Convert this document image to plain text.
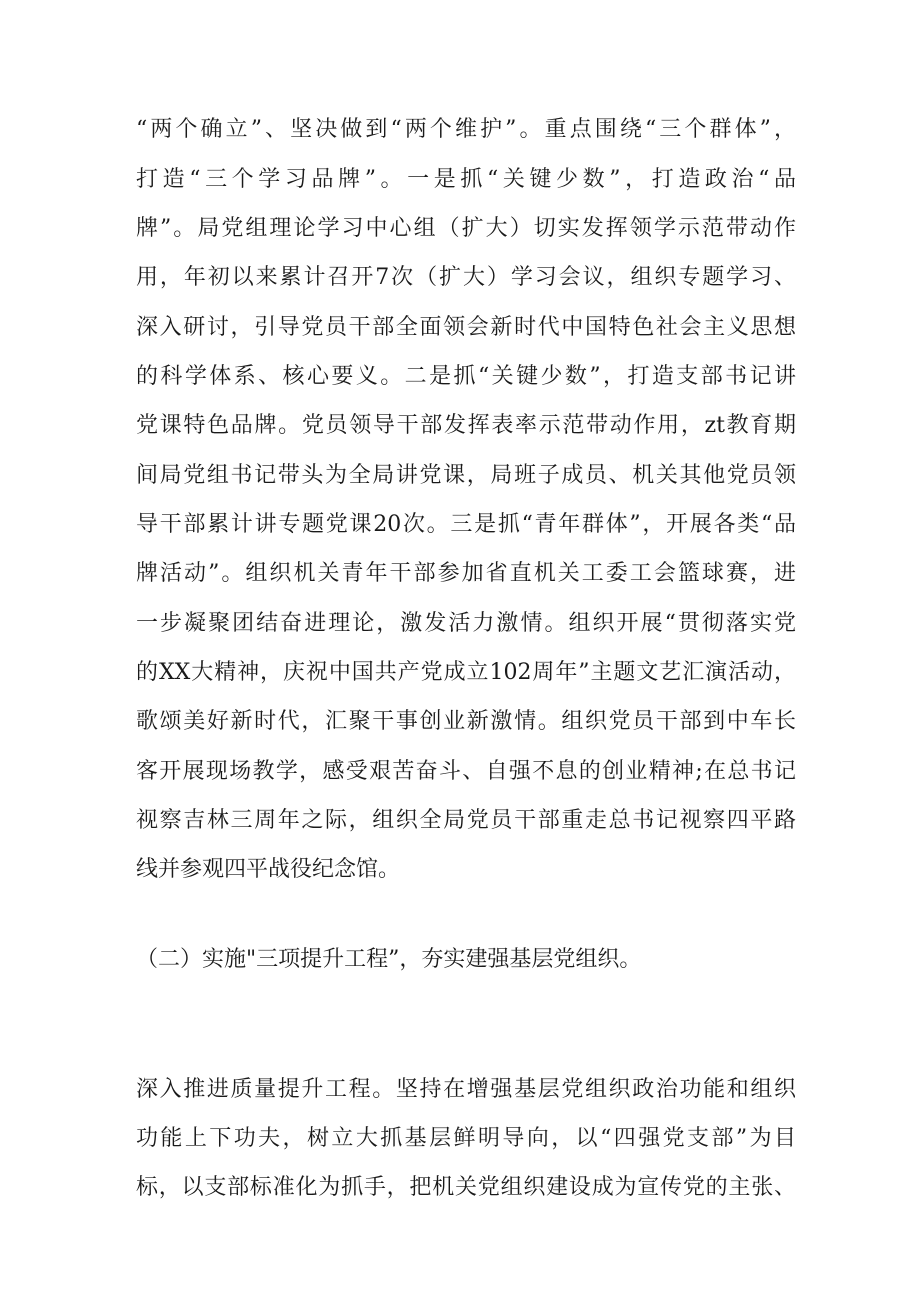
“两个确立”、坚决做到“两个维护”。重点围绕“三个群体”，
打造“三个学习品牌”。一是抓“关键少数”，打造政治“品
牌”。局党组理论学习中心组（扩大）切实发挥领学示范带动作
用，年初以来累计召开7次（扩大）学习会议，组织专题学习、
深入研讨，引导党员干部全面领会新时代中国特色社会主义思想
的科学体系、核心要义。二是抓“关键少数”，打造支部书记讲
党课特色品牌。党员领导干部发挥表率示范带动作用，zt教育期
间局党组书记带头为全局讲党课，局班子成员、机关其他党员领
导干部累计讲专题党课20次。三是抓“青年群体”，开展各类“品
牌活动”。组织机关青年干部参加省直机关工委工会篮球赛，进
一步凝聚团结奋进理论，激发活力激情。组织开展“贯彻落实党
的XX大精神，庆祝中国共产党成立102周年”主题文艺汇演活动，
歌颂美好新时代，汇聚干事创业新激情。组织党员干部到中车长
客开展现场教学，感受艰苦奋斗、自强不息的创业精神;在总书记
视察吉林三周年之际，组织全局党员干部重走总书记视察四平路
线并参观四平战役纪念馆。
（二）实施"三项提升工程”，夯实建强基层党组织。
深入推进质量提升工程。坚持在增强基层党组织政治功能和组织
功能上下功夫，树立大抓基层鲜明导向，以“四强党支部”为目
标，以支部标准化为抓手，把机关党组织建设成为宣传党的主张、
